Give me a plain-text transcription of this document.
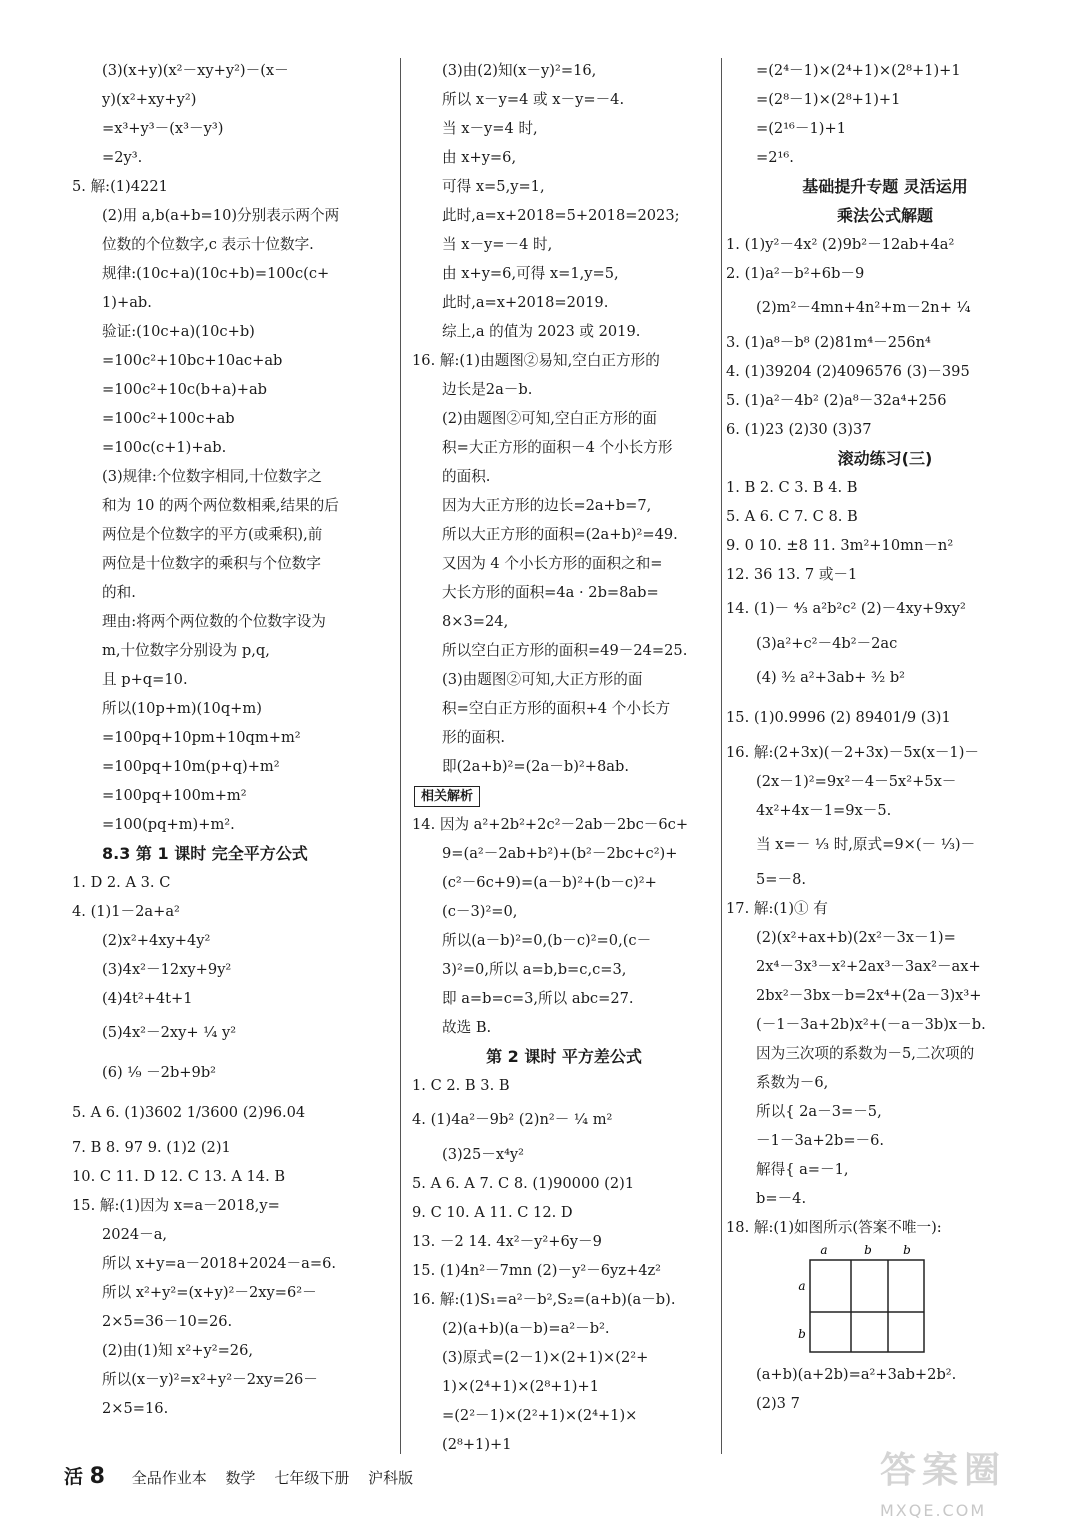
(3)(x+y)(x²－xy+y²)－(x－
y)(x²+xy+y²)
=x³+y³－(x³－y³)
=2y³.
5. 解:(1)4221
(2)用 a,b(a+b=10)分别表示两个两
位数的个位数字,c 表示十位数字.
规律:(10c+a)(10c+b)=100c(c+
1)+ab.
验证:(10c+a)(10c+b)
=100c²+10bc+10ac+ab
=100c²+10c(b+a)+ab
=100c²+100c+ab
=100c(c+1)+ab.
(3)规律:个位数字相同,十位数字之
和为 10 的两个两位数相乘,结果的后
两位是个位数字的平方(或乘积),前
两位是十位数字的乘积与个位数字
的和.
理由:将两个两位数的个位数字设为
m,十位数字分别设为 p,q,
且 p+q=10.
所以(10p+m)(10q+m)
=100pq+10pm+10qm+m²
=100pq+10m(p+q)+m²
=100pq+100m+m²
=100(pq+m)+m².
8.3 第 1 课时 完全平方公式
1. D 2. A 3. C
4. (1)1－2a+a²
(2)x²+4xy+4y²
(3)4x²－12xy+9y²
(4)4t²+4t+1
(5)4x²－2xy+ ¹⁄₄ y²
(6) ¹⁄₉ －2b+9b²
5. A 6. (1)3602 1/3600 (2)96.04
7. B 8. 97 9. (1)2 (2)1
10. C 11. D 12. C 13. A 14. B
15. 解:(1)因为 x=a－2018,y=
2024－a,
所以 x+y=a－2018+2024－a=6.
所以 x²+y²=(x+y)²－2xy=6²－
2×5=36－10=26.
(2)由(1)知 x²+y²=26,
所以(x－y)²=x²+y²－2xy=26－
2×5=16.
(3)由(2)知(x－y)²=16,
所以 x－y=4 或 x－y=－4.
当 x－y=4 时,
由 x+y=6,
可得 x=5,y=1,
此时,a=x+2018=5+2018=2023;
当 x－y=－4 时,
由 x+y=6,可得 x=1,y=5,
此时,a=x+2018=2019.
综上,a 的值为 2023 或 2019.
16. 解:(1)由题图②易知,空白正方形的
边长是2a－b.
(2)由题图②可知,空白正方形的面
积=大正方形的面积－4 个小长方形
的面积.
因为大正方形的边长=2a+b=7,
所以大正方形的面积=(2a+b)²=49.
又因为 4 个小长方形的面积之和=
大长方形的面积=4a · 2b=8ab=
8×3=24,
所以空白正方形的面积=49－24=25.
(3)由题图②可知,大正方形的面
积=空白正方形的面积+4 个小长方
形的面积.
即(2a+b)²=(2a－b)²+8ab.
相关解析
14. 因为 a²+2b²+2c²－2ab－2bc－6c+
9=(a²－2ab+b²)+(b²－2bc+c²)+
(c²－6c+9)=(a－b)²+(b－c)²+
(c－3)²=0,
所以(a－b)²=0,(b－c)²=0,(c－
3)²=0,所以 a=b,b=c,c=3,
即 a=b=c=3,所以 abc=27.
故选 B.
第 2 课时 平方差公式
1. C 2. B 3. B
4. (1)4a²－9b² (2)n²－ ¹⁄₄ m²
(3)25－x⁴y²
5. A 6. A 7. C 8. (1)90000 (2)1
9. C 10. A 11. C 12. D
13. －2 14. 4x²－y²+6y－9
15. (1)4n²－7mn (2)－y²－6yz+4z²
16. 解:(1)S₁=a²－b²,S₂=(a+b)(a－b).
(2)(a+b)(a－b)=a²－b².
(3)原式=(2－1)×(2+1)×(2²+
1)×(2⁴+1)×(2⁸+1)+1
=(2²－1)×(2²+1)×(2⁴+1)×
(2⁸+1)+1
=(2⁴－1)×(2⁴+1)×(2⁸+1)+1
=(2⁸－1)×(2⁸+1)+1
=(2¹⁶－1)+1
=2¹⁶.
基础提升专题 灵活运用
乘法公式解题
1. (1)y²－4x² (2)9b²－12ab+4a²
2. (1)a²－b²+6b－9
(2)m²－4mn+4n²+m－2n+ ¹⁄₄
3. (1)a⁸－b⁸ (2)81m⁴－256n⁴
4. (1)39204 (2)4096576 (3)－395
5. (1)a²－4b² (2)a⁸－32a⁴+256
6. (1)23 (2)30 (3)37
滚动练习(三)
1. B 2. C 3. B 4. B
5. A 6. C 7. C 8. B
9. 0 10. ±8 11. 3m²+10mn－n²
12. 36 13. 7 或－1
14. (1)－ ⁴⁄₃ a²b²c² (2)－4xy+9xy²
(3)a²+c²－4b²－2ac
(4) ³⁄₂ a²+3ab+ ³⁄₂ b²
15. (1)0.9996 (2) 89401/9 (3)1
16. 解:(2+3x)(－2+3x)－5x(x－1)－
(2x－1)²=9x²－4－5x²+5x－
4x²+4x－1=9x－5.
当 x=－ ¹⁄₃ 时,原式=9×(－ ¹⁄₃)－
5=－8.
17. 解:(1)① 有
(2)(x²+ax+b)(2x²－3x－1)=
2x⁴－3x³－x²+2ax³－3ax²－ax+
2bx²－3bx－b=2x⁴+(2a－3)x³+
(－1－3a+2b)x²+(－a－3b)x－b.
因为三次项的系数为－5,二次项的
系数为－6,
所以{ 2a－3=－5,
－1－3a+2b=－6.
解得{ a=－1,
b=－4.
18. 解:(1)如图所示(答案不唯一):
a	b	b
a
b
(a+b)(a+2b)=a²+3ab+2b².
(2)3 7
活 8 全品作业本 数学 七年级下册 沪科版	答案圈
MXQE.COM
